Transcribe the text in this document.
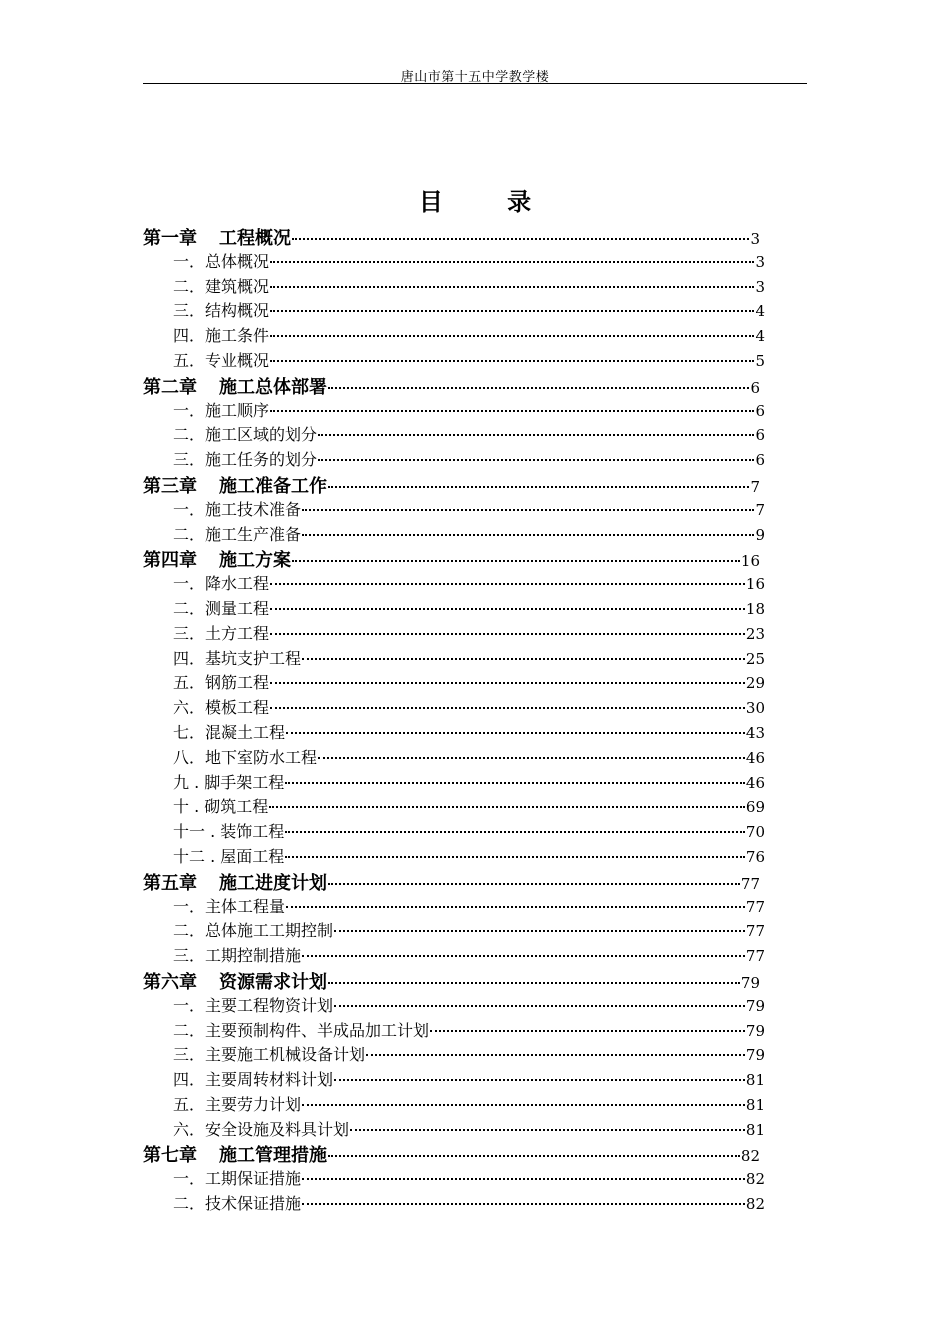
唐山市第十五中学教学楼
目 录
第一章 工程概况	3
一．总体概况	3
二．建筑概况	3
三．结构概况	4
四．施工条件	4
五．专业概况	5
第二章 施工总体部署	6
一．施工顺序	6
二．施工区域的划分	6
三．施工任务的划分	6
第三章 施工准备工作	7
一．施工技术准备	7
二．施工生产准备	9
第四章 施工方案	16
一．降水工程	16
二．测量工程	18
三．土方工程	23
四．基坑支护工程	25
五．钢筋工程	29
六．模板工程	30
七．混凝土工程	43
八．地下室防水工程	46
九 . 脚手架工程	46
十 . 砌筑工程	69
十一 . 装饰工程	70
十二 . 屋面工程	76
第五章 施工进度计划	77
一．主体工程量	77
二．总体施工工期控制	77
三．工期控制措施	77
第六章 资源需求计划	79
一．主要工程物资计划	79
二．主要预制构件、半成品加工计划	79
三．主要施工机械设备计划	79
四．主要周转材料计划	81
五．主要劳力计划	81
六．安全设施及料具计划	81
第七章 施工管理措施	82
一．工期保证措施	82
二．技术保证措施	82
